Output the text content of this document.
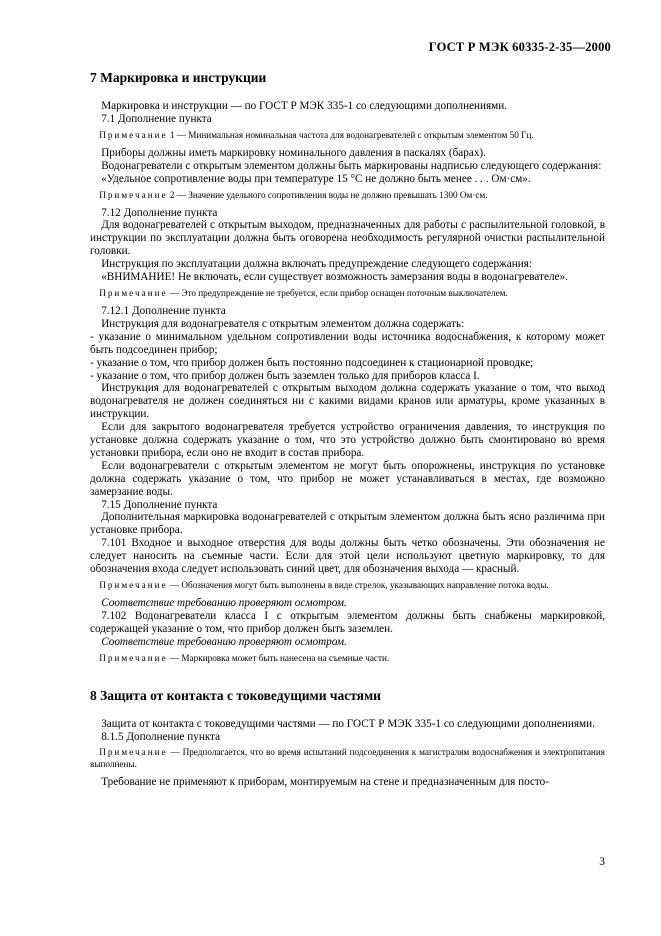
ГОСТ Р МЭК 60335-2-35—2000
7 Маркировка и инструкции

Маркировка и инструкции — по ГОСТ Р МЭК 335-1 со следующими дополнениями.

7.1 Дополнение пункта

Примечание 1 — Минимальная номинальная частота для водонагревателей с открытым элементом 50 Гц.

Приборы должны иметь маркировку номинального давления в паскалях (барах).

Водонагреватели с открытым элементом должны быть маркированы надписью следующего содержания:

«Удельное сопротивление воды при температуре 15 °С не должно быть менее . . . Ом·см».

Примечание 2 — Значение удельного сопротивления воды не должно превышать 1300 Ом·см.

7.12 Дополнение пункта

Для водонагревателей с открытым выходом, предназначенных для работы с распылительной головкой, в инструкции по эксплуатации должна быть оговорена необходимость регулярной очистки распылительной головки.

Инструкция по эксплуатации должна включать предупреждение следующего содержания:

«ВНИМАНИЕ! Не включать, если существует возможность замерзания воды в водонагревателе».

Примечание — Это предупреждение не требуется, если прибор оснащен поточным выключателем.

7.12.1 Дополнение пункта

Инструкция для водонагревателя с открытым элементом должна содержать:

- указание о минимальном удельном сопротивлении воды источника водоснабжения, к которому может быть подсоединен прибор;

- указание о том, что прибор должен быть постоянно подсоединен к стационарной проводке;

- указание о том, что прибор должен быть заземлен только для приборов класса I.

Инструкция для водонагревателей с открытым выходом должна содержать указание о том, что выход водонагревателя не должен соединяться ни с какими видами кранов или арматуры, кроме указанных в инструкции.

Если для закрытого водонагревателя требуется устройство ограничения давления, то инструкция по установке должна содержать указание о том, что это устройство должно быть смонтировано во время установки прибора, если оно не входит в состав прибора.

Если водонагреватели с открытым элементом не могут быть опорожнены, инструкция по установке должна содержать указание о том, что прибор не может устанавливаться в местах, где возможно замерзание воды.

7.15 Дополнение пункта

Дополнительная маркировка водонагревателей с открытым элементом должна быть ясно различима при установке прибора.

7.101 Входное и выходное отверстия для воды должны быть четко обозначены. Эти обозначения не следует наносить на съемные части. Если для этой цели используют цветную маркировку, то для обозначения входа следует использовать синий цвет, для обозначения выхода — красный.

Примечание — Обозначения могут быть выполнены в виде стрелок, указывающих направление потока воды.

Соответствие требованию проверяют осмотром.

7.102 Водонагреватели класса I с открытым элементом должны быть снабжены маркировкой, содержащей указание о том, что прибор должен быть заземлен.

Соответствие требованию проверяют осмотром.

Примечание — Маркировка может быть нанесена на съемные части.

8 Защита от контакта с токоведущими частями

Защита от контакта с токоведущими частями — по ГОСТ Р МЭК 335-1 со следующими дополнениями.

8.1.5 Дополнение пункта

Примечание — Предполагается, что во время испытаний подсоединения к магистралям водоснабжения и электропитания выполнены.

Требование не применяют к приборам, монтируемым на стене и предназначенным для посто-

3
